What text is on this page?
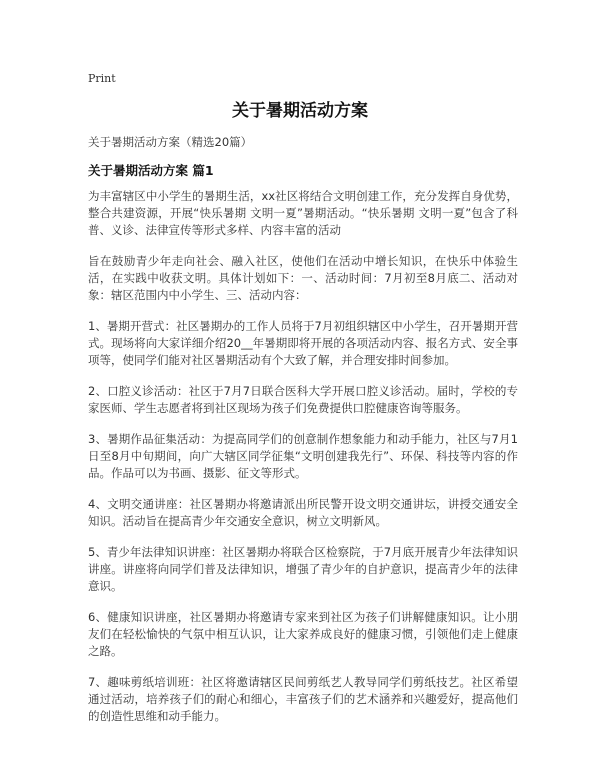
Print
关于暑期活动方案
关于暑期活动方案（精选20篇）
关于暑期活动方案 篇1

为丰富辖区中小学生的暑期生活，xx社区将结合文明创建工作，充分发挥自身优势，整合共建资源，开展“快乐暑期 文明一夏”暑期活动。“快乐暑期 文明一夏”包含了科普、义诊、法律宣传等形式多样、内容丰富的活动

旨在鼓励青少年走向社会、融入社区，使他们在活动中增长知识，在快乐中体验生活，在实践中收获文明。具体计划如下：一、活动时间：7月初至8月底二、活动对象：辖区范围内中小学生、三、活动内容：

1、暑期开营式：社区暑期办的工作人员将于7月初组织辖区中小学生，召开暑期开营式。现场将向大家详细介绍20__年暑期即将开展的各项活动内容、报名方式、安全事项等，使同学们能对社区暑期活动有个大致了解，并合理安排时间参加。

2、口腔义诊活动：社区于7月7日联合医科大学开展口腔义诊活动。届时，学校的专家医师、学生志愿者将到社区现场为孩子们免费提供口腔健康咨询等服务。

3、暑期作品征集活动：为提高同学们的创意制作想象能力和动手能力，社区与7月1日至8月中旬期间，向广大辖区同学征集“文明创建我先行”、环保、科技等内容的作品。作品可以为书画、摄影、征文等形式。

4、文明交通讲座：社区暑期办将邀请派出所民警开设文明交通讲坛，讲授交通安全知识。活动旨在提高青少年交通安全意识，树立文明新风。

5、青少年法律知识讲座：社区暑期办将联合区检察院，于7月底开展青少年法律知识讲座。讲座将向同学们普及法律知识，增强了青少年的自护意识，提高青少年的法律意识。

6、健康知识讲座，社区暑期办将邀请专家来到社区为孩子们讲解健康知识。让小朋友们在轻松愉快的气氛中相互认识，让大家养成良好的健康习惯，引领他们走上健康之路。

7、趣味剪纸培训班：社区将邀请辖区民间剪纸艺人教导同学们剪纸技艺。社区希望通过活动，培养孩子们的耐心和细心，丰富孩子们的艺术涵养和兴趣爱好，提高他们的创造性思维和动手能力。
